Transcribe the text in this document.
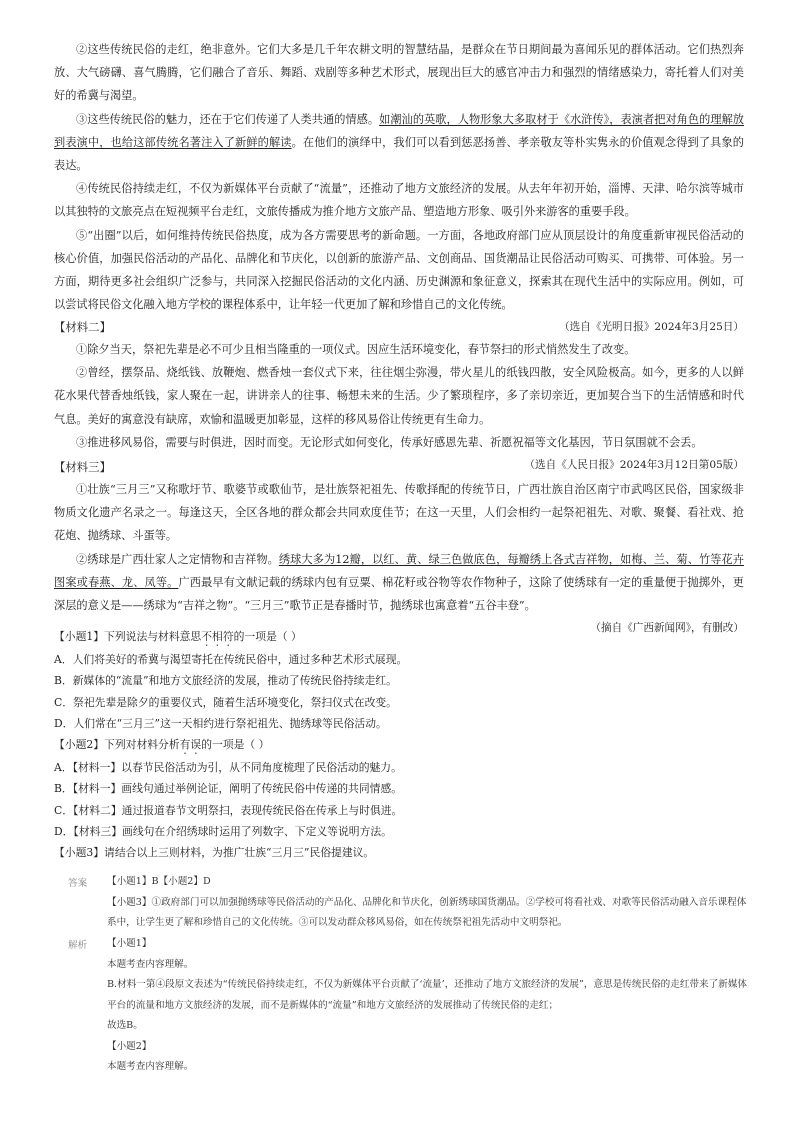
②这些传统民俗的走红，绝非意外。它们大多是几千年农耕文明的智慧结晶，是群众在节日期间最为喜闻乐见的群体活动。它们热烈奔放、大气磅礴、喜气腾腾，它们融合了音乐、舞蹈、戏剧等多种艺术形式，展现出巨大的感官冲击力和强烈的情绪感染力，寄托着人们对美好的希冀与渴望。

③这些传统民俗的魅力，还在于它们传递了人类共通的情感。如潮汕的英歌，人物形象大多取材于《水浒传》，表演者把对角色的理解放到表演中，也给这部传统名著注入了新鲜的解读。在他们的演绎中，我们可以看到惩恶扬善、孝亲敬友等朴实隽永的价值观念得到了具象的表达。

④传统民俗持续走红，不仅为新媒体平台贡献了“流量”，还推动了地方文旅经济的发展。从去年年初开始，淄博、天津、哈尔滨等城市以其独特的文旅亮点在短视频平台走红，文旅传播成为推介地方文旅产品、塑造地方形象、吸引外来游客的重要手段。

⑤“出圈”以后，如何维持传统民俗热度，成为各方需要思考的新命题。一方面，各地政府部门应从顶层设计的角度重新审视民俗活动的核心价值，加强民俗活动的产品化、品牌化和节庆化，以创新的旅游产品、文创商品、国货潮品让民俗活动可购买、可携带、可体验。另一方面，期待更多社会组织广泛参与，共同深入挖掘民俗活动的文化内涵、历史渊源和象征意义，探索其在现代生活中的实际应用。例如，可以尝试将民俗文化融入地方学校的课程体系中，让年轻一代更加了解和珍惜自己的文化传统。

（选自《光明日报》2024年3月25日）

【材料二】

①除夕当天，祭祀先辈是必不可少且相当隆重的一项仪式。因应生活环境变化，春节祭扫的形式悄然发生了改变。

②曾经，摆祭品、烧纸钱、放鞭炮、燃香烛一套仪式下来，往往烟尘弥漫，带火星儿的纸钱四散，安全风险极高。如今，更多的人以鲜花水果代替香烛纸钱，家人聚在一起，讲讲亲人的往事、畅想未来的生活。少了繁琐程序，多了亲切亲近，更加契合当下的生活情感和时代气息。美好的寓意没有缺席，欢愉和温暖更加彰显，这样的移风易俗让传统更有生命力。

③推进移风易俗，需要与时俱进，因时而变。无论形式如何变化，传承好感恩先辈、祈愿祝福等文化基因，节日氛围就不会丢。

（选自《人民日报》2024年3月12日第05版）

【材料三】

①壮族“三月三”又称歌圩节、歌婆节或歌仙节，是壮族祭祀祖先、传歌择配的传统节日，广西壮族自治区南宁市武鸣区民俗，国家级非物质文化遗产名录之一。每逢这天，全区各地的群众都会共同欢度佳节；在这一天里，人们会相约一起祭祀祖先、对歌、聚餐、看社戏、抢花炮、抛绣球、斗蛋等。

②绣球是广西壮家人之定情物和吉祥物。绣球大多为12瓣，以红、黄、绿三色做底色，每瓣绣上各式吉祥物，如梅、兰、菊、竹等花卉图案或春燕、龙、凤等。广西最早有文献记载的绣球内包有豆粟、棉花籽或谷物等农作物种子，这除了使绣球有一定的重量便于抛掷外，更深层的意义是——绣球为“吉祥之物”。“三月三”歌节正是春播时节，抛绣球也寓意着“五谷丰登”。

（摘自《广西新闻网》，有删改）

【小题1】下列说法与材料意思不相符的一项是（ ）

A．人们将美好的希冀与渴望寄托在传统民俗中，通过多种艺术形式展现。

B．新媒体的“流量”和地方文旅经济的发展，推动了传统民俗持续走红。

C．祭祀先辈是除夕的重要仪式，随着生活环境变化，祭扫仪式在改变。

D．人们常在“三月三”这一天相约进行祭祀祖先、抛绣球等民俗活动。

【小题2】下列对材料分析有误的一项是（ ）

A．【材料一】以春节民俗活动为引，从不同角度梳理了民俗活动的魅力。

B．【材料一】画线句通过举例论证，阐明了传统民俗中传递的共同情感。

C．【材料二】通过报道春节文明祭扫，表现传统民俗在传承上与时俱进。

D．【材料三】画线句在介绍绣球时运用了列数字、下定义等说明方法。

【小题3】请结合以上三则材料，为推广壮族“三月三”民俗提建议。

答案 【小题1】B【小题2】D

【小题3】①政府部门可以加强抛绣球等民俗活动的产品化、品牌化和节庆化，创新绣球国货潮品。②学校可将看社戏、对歌等民俗活动融入音乐课程体系中，让学生更了解和珍惜自己的文化传统。③可以发动群众移风易俗，如在传统祭祀祖先活动中文明祭祀。

解析 【小题1】

本题考查内容理解。

B.材料一第④段原文表述为“传统民俗持续走红，不仅为新媒体平台贡献了‘流量’，还推动了地方文旅经济的发展”，意思是传统民俗的走红带来了新媒体平台的流量和地方文旅经济的发展，而不是新媒体的“流量”和地方文旅经济的发展推动了传统民俗的走红；

故选B。

【小题2】

本题考查内容理解。
